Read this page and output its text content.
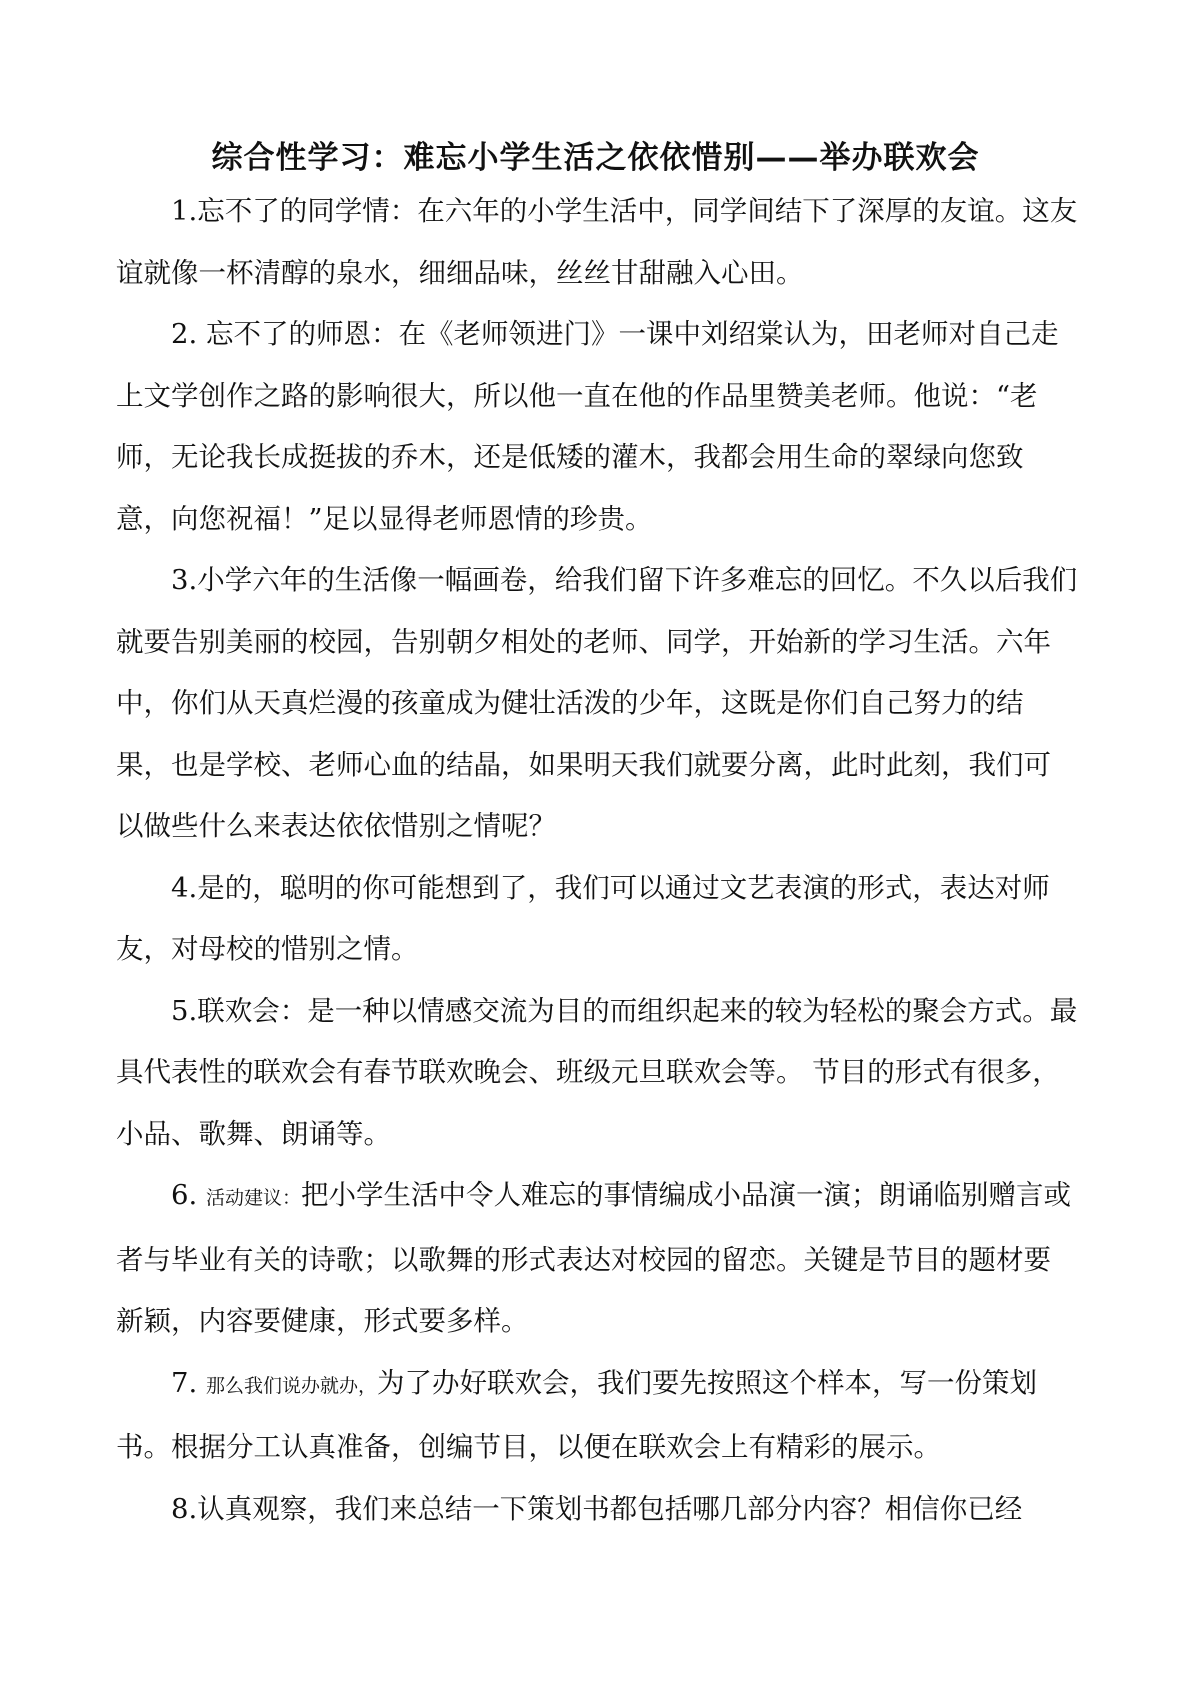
综合性学习：难忘小学生活之依依惜别——举办联欢会

1.忘不了的同学情：在六年的小学生活中，同学间结下了深厚的友谊。这友谊就像一杯清醇的泉水，细细品味，丝丝甘甜融入心田。

2. 忘不了的师恩：在《老师领进门》一课中刘绍棠认为，田老师对自己走上文学创作之路的影响很大，所以他一直在他的作品里赞美老师。他说：“老师，无论我长成挺拔的乔木，还是低矮的灌木，我都会用生命的翠绿向您致意，向您祝福！”足以显得老师恩情的珍贵。

3.小学六年的生活像一幅画卷，给我们留下许多难忘的回忆。不久以后我们就要告别美丽的校园，告别朝夕相处的老师、同学，开始新的学习生活。六年中，你们从天真烂漫的孩童成为健壮活泼的少年，这既是你们自己努力的结果，也是学校、老师心血的结晶，如果明天我们就要分离，此时此刻，我们可以做些什么来表达依依惜别之情呢？

4.是的，聪明的你可能想到了，我们可以通过文艺表演的形式，表达对师友，对母校的惜别之情。

5.联欢会：是一种以情感交流为目的而组织起来的较为轻松的聚会方式。最具代表性的联欢会有春节联欢晚会、班级元旦联欢会等。 节目的形式有很多，小品、歌舞、朗诵等。

6. 活动建议：把小学生活中令人难忘的事情编成小品演一演；朗诵临别赠言或者与毕业有关的诗歌；以歌舞的形式表达对校园的留恋。关键是节目的题材要新颖，内容要健康，形式要多样。

7. 那么我们说办就办，为了办好联欢会，我们要先按照这个样本，写一份策划书。根据分工认真准备，创编节目，以便在联欢会上有精彩的展示。

8.认真观察，我们来总结一下策划书都包括哪几部分内容？相信你已经
